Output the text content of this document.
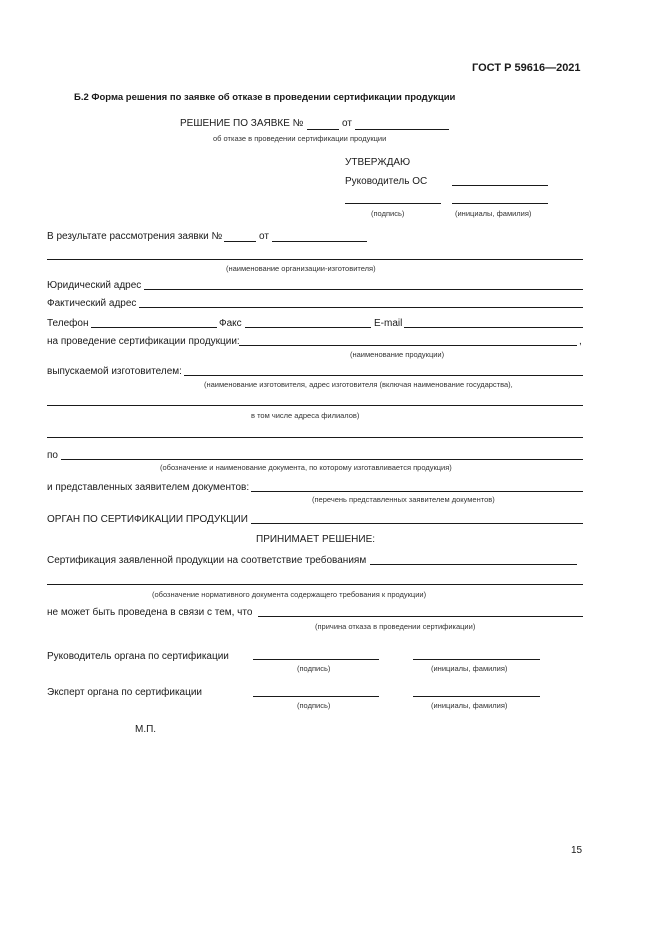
ГОСТ Р 59616—2021
Б.2 Форма решения по заявке об отказе в проведении сертификации продукции
РЕШЕНИЕ ПО ЗАЯВКЕ №	от
об отказе в проведении сертификации продукции
УТВЕРЖДАЮ
Руководитель ОС
(подпись)	(инициалы, фамилия)
В результате рассмотрения заявки №	от
(наименование организации-изготовителя)
Юридический адрес
Фактический адрес
Телефон	Факс	E-mail
на проведение сертификации продукции:	,
(наименование продукции)
выпускаемой изготовителем:
(наименование изготовителя, адрес изготовителя (включая наименование государства),
в том числе адреса филиалов)
по
(обозначение и наименование документа, по которому изготавливается продукция)
и представленных заявителем документов:
(перечень представленных заявителем документов)
ОРГАН ПО СЕРТИФИКАЦИИ ПРОДУКЦИИ
ПРИНИМАЕТ РЕШЕНИЕ:
Сертификация заявленной продукции на соответствие требованиям
(обозначение нормативного документа содержащего требования к продукции)
не может быть проведена в связи с тем, что
(причина отказа в проведении сертификации)
Руководитель органа по сертификации
(подпись)	(инициалы, фамилия)
Эксперт органа по сертификации
(подпись)	(инициалы, фамилия)
М.П.
15
